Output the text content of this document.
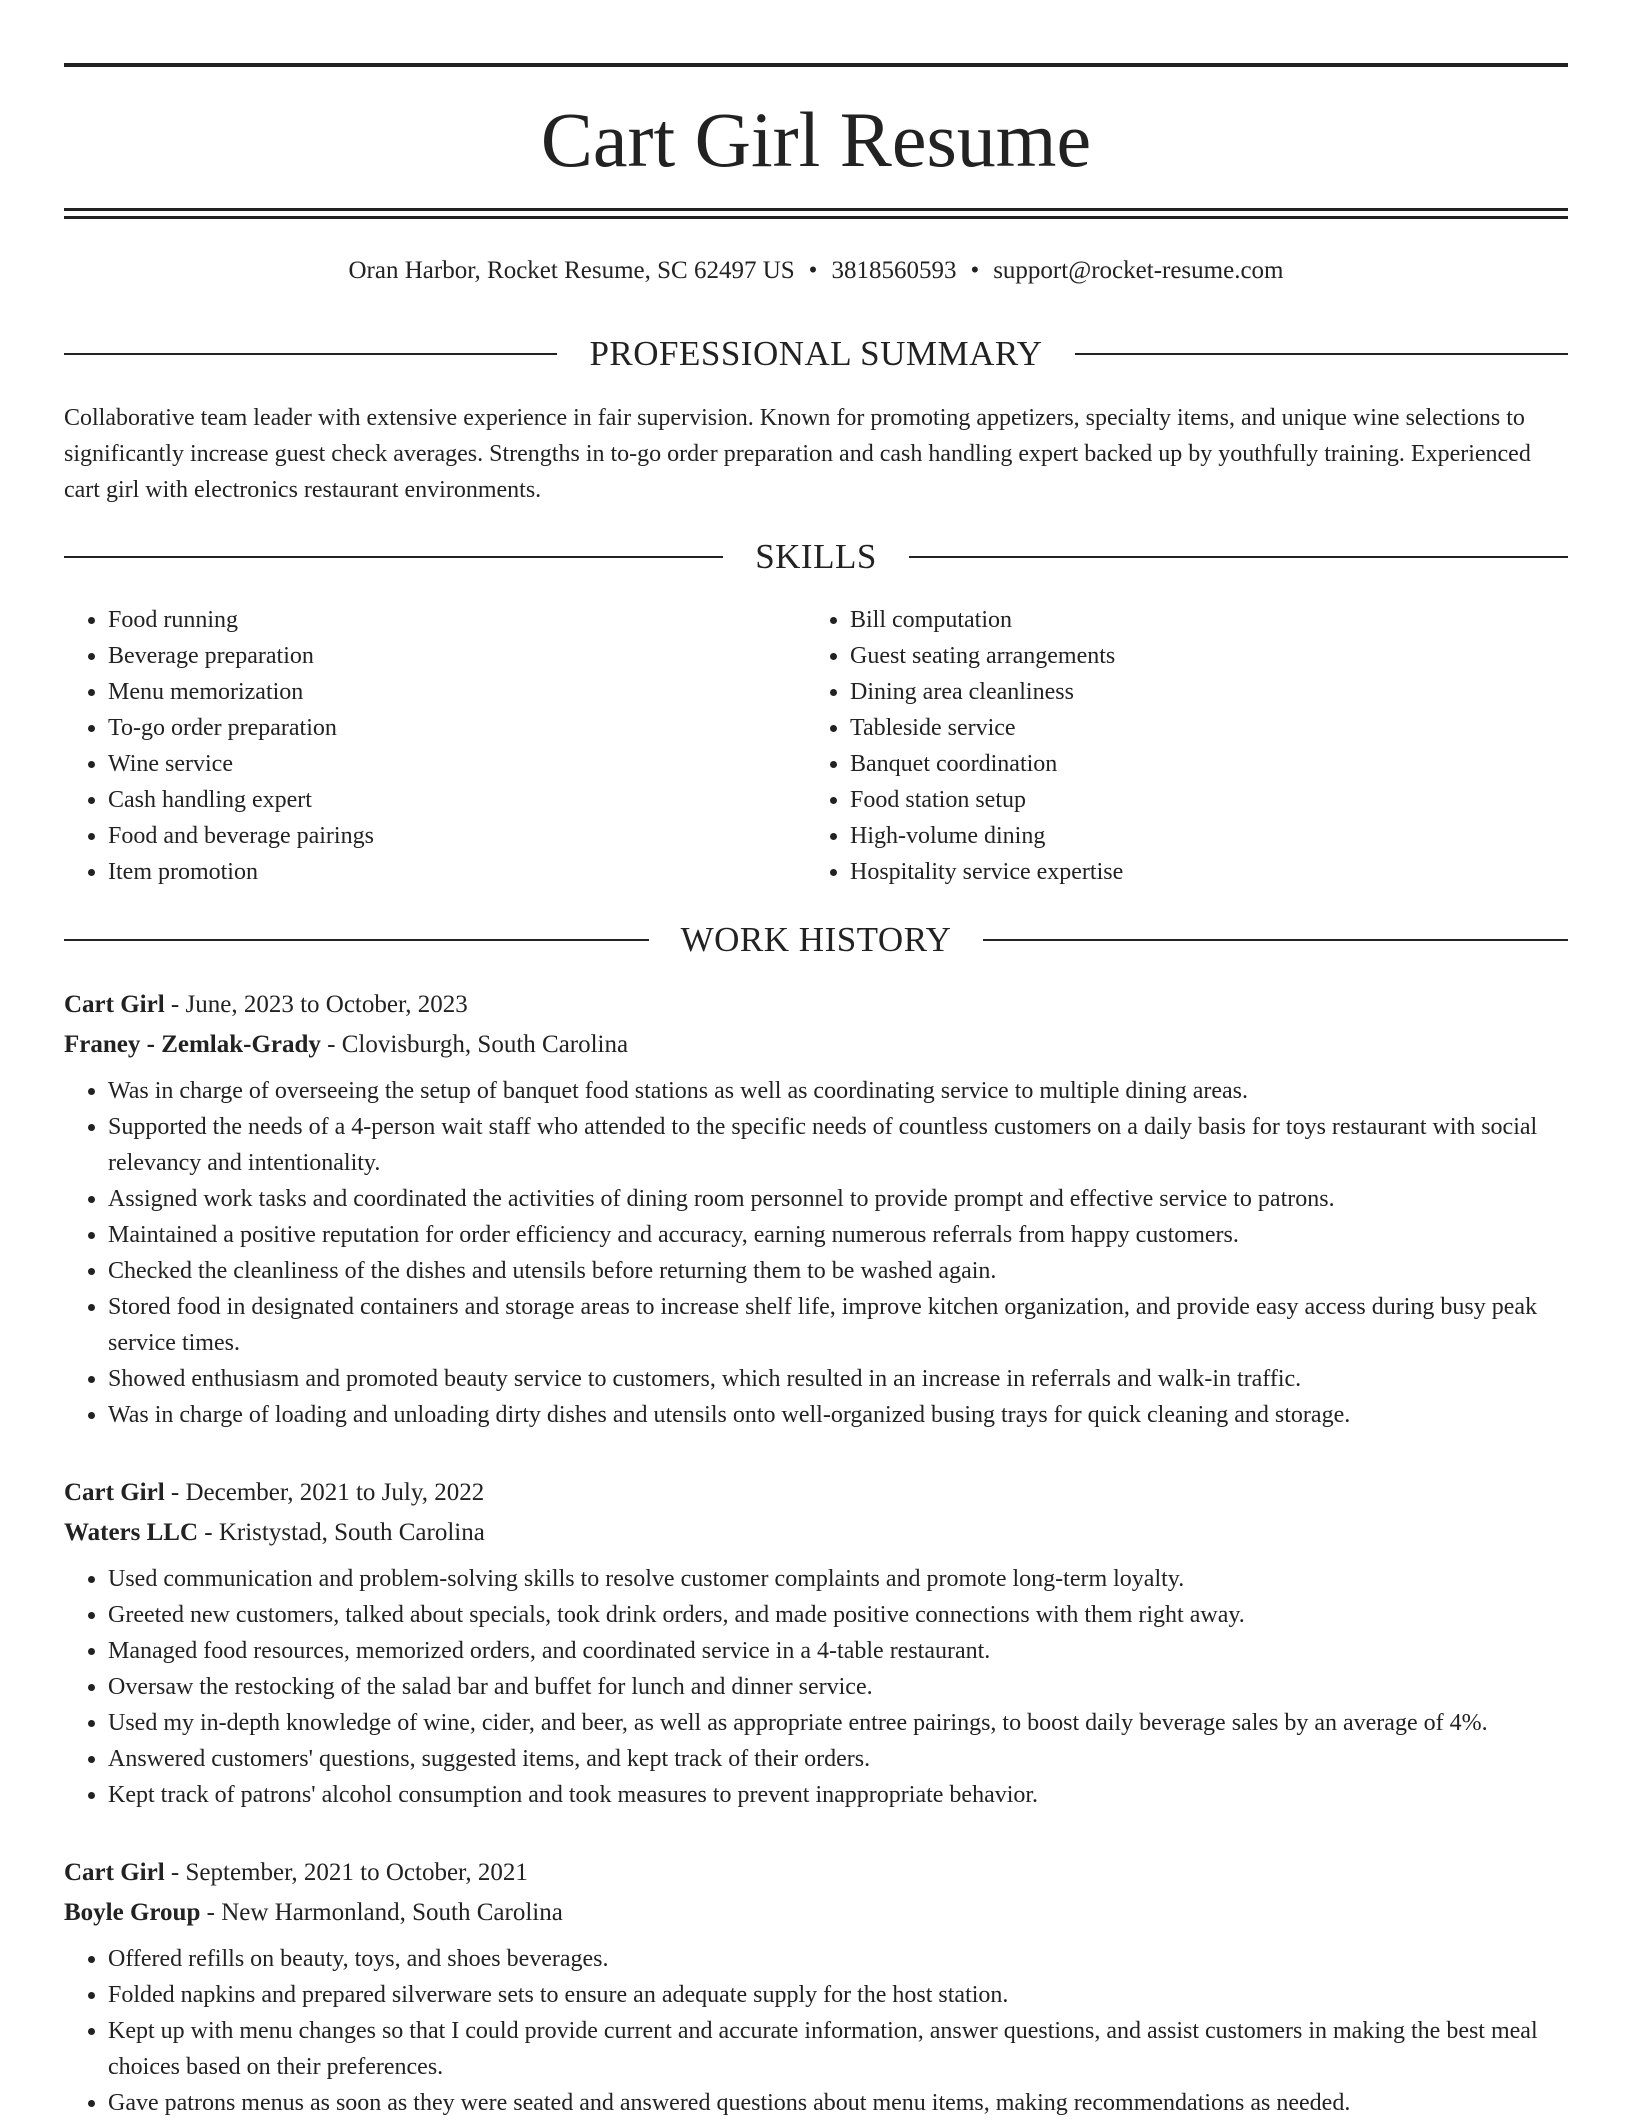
Cart Girl Resume
Oran Harbor, Rocket Resume, SC 62497 US • 3818560593 • support@rocket-resume.com
PROFESSIONAL SUMMARY

Collaborative team leader with extensive experience in fair supervision. Known for promoting appetizers, specialty items, and unique wine selections to significantly increase guest check averages. Strengths in to-go order preparation and cash handling expert backed up by youthfully training. Experienced cart girl with electronics restaurant environments.

SKILLS
• Food running
• Beverage preparation
• Menu memorization
• To-go order preparation
• Wine service
• Cash handling expert
• Food and beverage pairings
• Item promotion
• Bill computation
• Guest seating arrangements
• Dining area cleanliness
• Tableside service
• Banquet coordination
• Food station setup
• High-volume dining
• Hospitality service expertise
WORK HISTORY
Cart Girl - June, 2023 to October, 2023
Franey - Zemlak-Grady - Clovisburgh, South Carolina
• Was in charge of overseeing the setup of banquet food stations as well as coordinating service to multiple dining areas.
• Supported the needs of a 4-person wait staff who attended to the specific needs of countless customers on a daily basis for toys restaurant with social relevancy and intentionality.
• Assigned work tasks and coordinated the activities of dining room personnel to provide prompt and effective service to patrons.
• Maintained a positive reputation for order efficiency and accuracy, earning numerous referrals from happy customers.
• Checked the cleanliness of the dishes and utensils before returning them to be washed again.
• Stored food in designated containers and storage areas to increase shelf life, improve kitchen organization, and provide easy access during busy peak service times.
• Showed enthusiasm and promoted beauty service to customers, which resulted in an increase in referrals and walk-in traffic.
• Was in charge of loading and unloading dirty dishes and utensils onto well-organized busing trays for quick cleaning and storage.
Cart Girl - December, 2021 to July, 2022
Waters LLC - Kristystad, South Carolina
• Used communication and problem-solving skills to resolve customer complaints and promote long-term loyalty.
• Greeted new customers, talked about specials, took drink orders, and made positive connections with them right away.
• Managed food resources, memorized orders, and coordinated service in a 4-table restaurant.
• Oversaw the restocking of the salad bar and buffet for lunch and dinner service.
• Used my in-depth knowledge of wine, cider, and beer, as well as appropriate entree pairings, to boost daily beverage sales by an average of 4%.
• Answered customers' questions, suggested items, and kept track of their orders.
• Kept track of patrons' alcohol consumption and took measures to prevent inappropriate behavior.
Cart Girl - September, 2021 to October, 2021
Boyle Group - New Harmonland, South Carolina
• Offered refills on beauty, toys, and shoes beverages.
• Folded napkins and prepared silverware sets to ensure an adequate supply for the host station.
• Kept up with menu changes so that I could provide current and accurate information, answer questions, and assist customers in making the best meal choices based on their preferences.
• Gave patrons menus as soon as they were seated and answered questions about menu items, making recommendations as needed.
